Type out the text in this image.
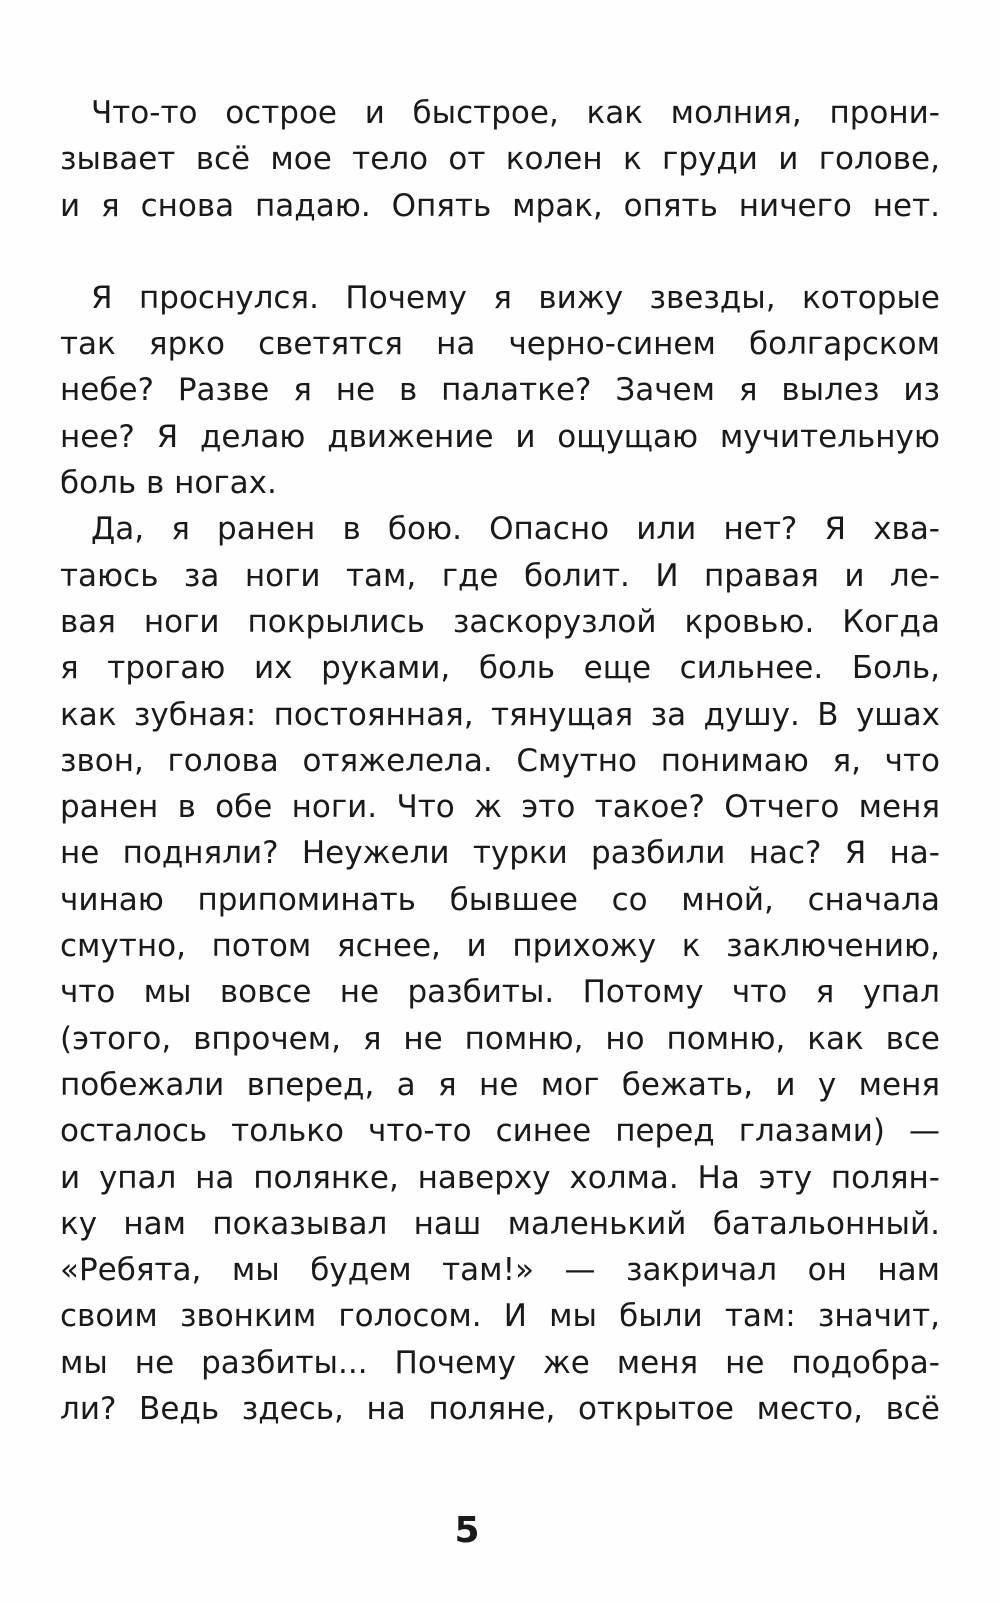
Что-то острое и быстрое, как молния, прони-
зывает всё мое тело от колен к груди и голове,
и я снова падаю. Опять мрак, опять ничего нет.
Я проснулся. Почему я вижу звезды, которые
так ярко светятся на черно-синем болгарском
небе? Разве я не в палатке? Зачем я вылез из
нее? Я делаю движение и ощущаю мучительную
боль в ногах.
Да, я ранен в бою. Опасно или нет? Я хва-
таюсь за ноги там, где болит. И правая и ле-
вая ноги покрылись заскорузлой кровью. Когда
я трогаю их руками, боль еще сильнее. Боль,
как зубная: постоянная, тянущая за душу. В ушах
звон, голова отяжелела. Смутно понимаю я, что
ранен в обе ноги. Что ж это такое? Отчего меня
не подняли? Неужели турки разбили нас? Я на-
чинаю припоминать бывшее со мной, сначала
смутно, потом яснее, и прихожу к заключению,
что мы вовсе не разбиты. Потому что я упал
(этого, впрочем, я не помню, но помню, как все
побежали вперед, а я не мог бежать, и у меня
осталось только что-то синее перед глазами) —
и упал на полянке, наверху холма. На эту полян-
ку нам показывал наш маленький батальонный.
«Ребята, мы будем там!» — закричал он нам
своим звонким голосом. И мы были там: значит,
мы не разбиты... Почему же меня не подобра-
ли? Ведь здесь, на поляне, открытое место, всё
5
